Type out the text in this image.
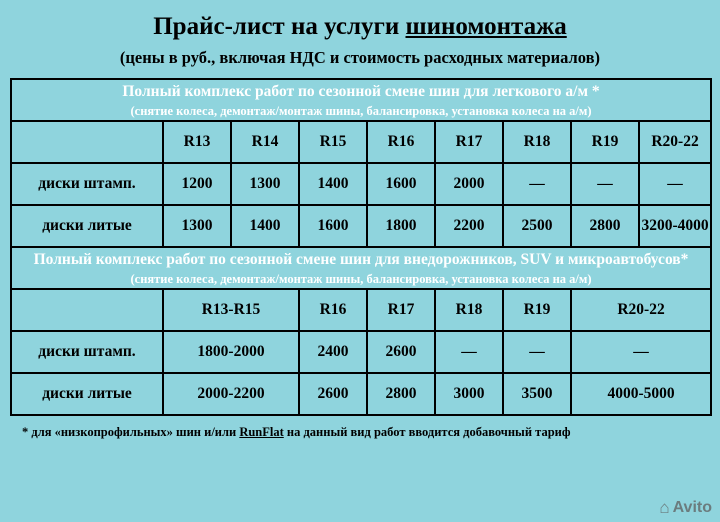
Прайс-лист на услуги шиномонтажа
(цены в руб., включая НДС и стоимость расходных материалов)
Полный комплекс работ по сезонной смене шин для легкового а/м *
(снятие колеса, демонтаж/монтаж шины, балансировка, установка колеса на а/м)								

	R13	R14	R15	R16	R17	R18	R19	R20-22
диски штамп.	1200	1300	1400	1600	2000	—	—	—
диски литые	1300	1400	1600	1800	2200	2500	2800	3200-4000
Полный комплекс работ по сезонной смене шин для внедорожников, SUV и микроавтобусов*
(снятие колеса, демонтаж/монтаж шины, балансировка, установка колеса на а/м)								

	R13-R15		R16	R17	R18	R19	R20-22	
диски штамп.	1800-2000		2400	2600	—	—	—	
диски литые	2000-2200		2600	2800	3000	3500	4000-5000	
* для «низкопрофильных» шин и/или RunFlat на данный вид работ вводится добавочный тариф
⌂ Avito
